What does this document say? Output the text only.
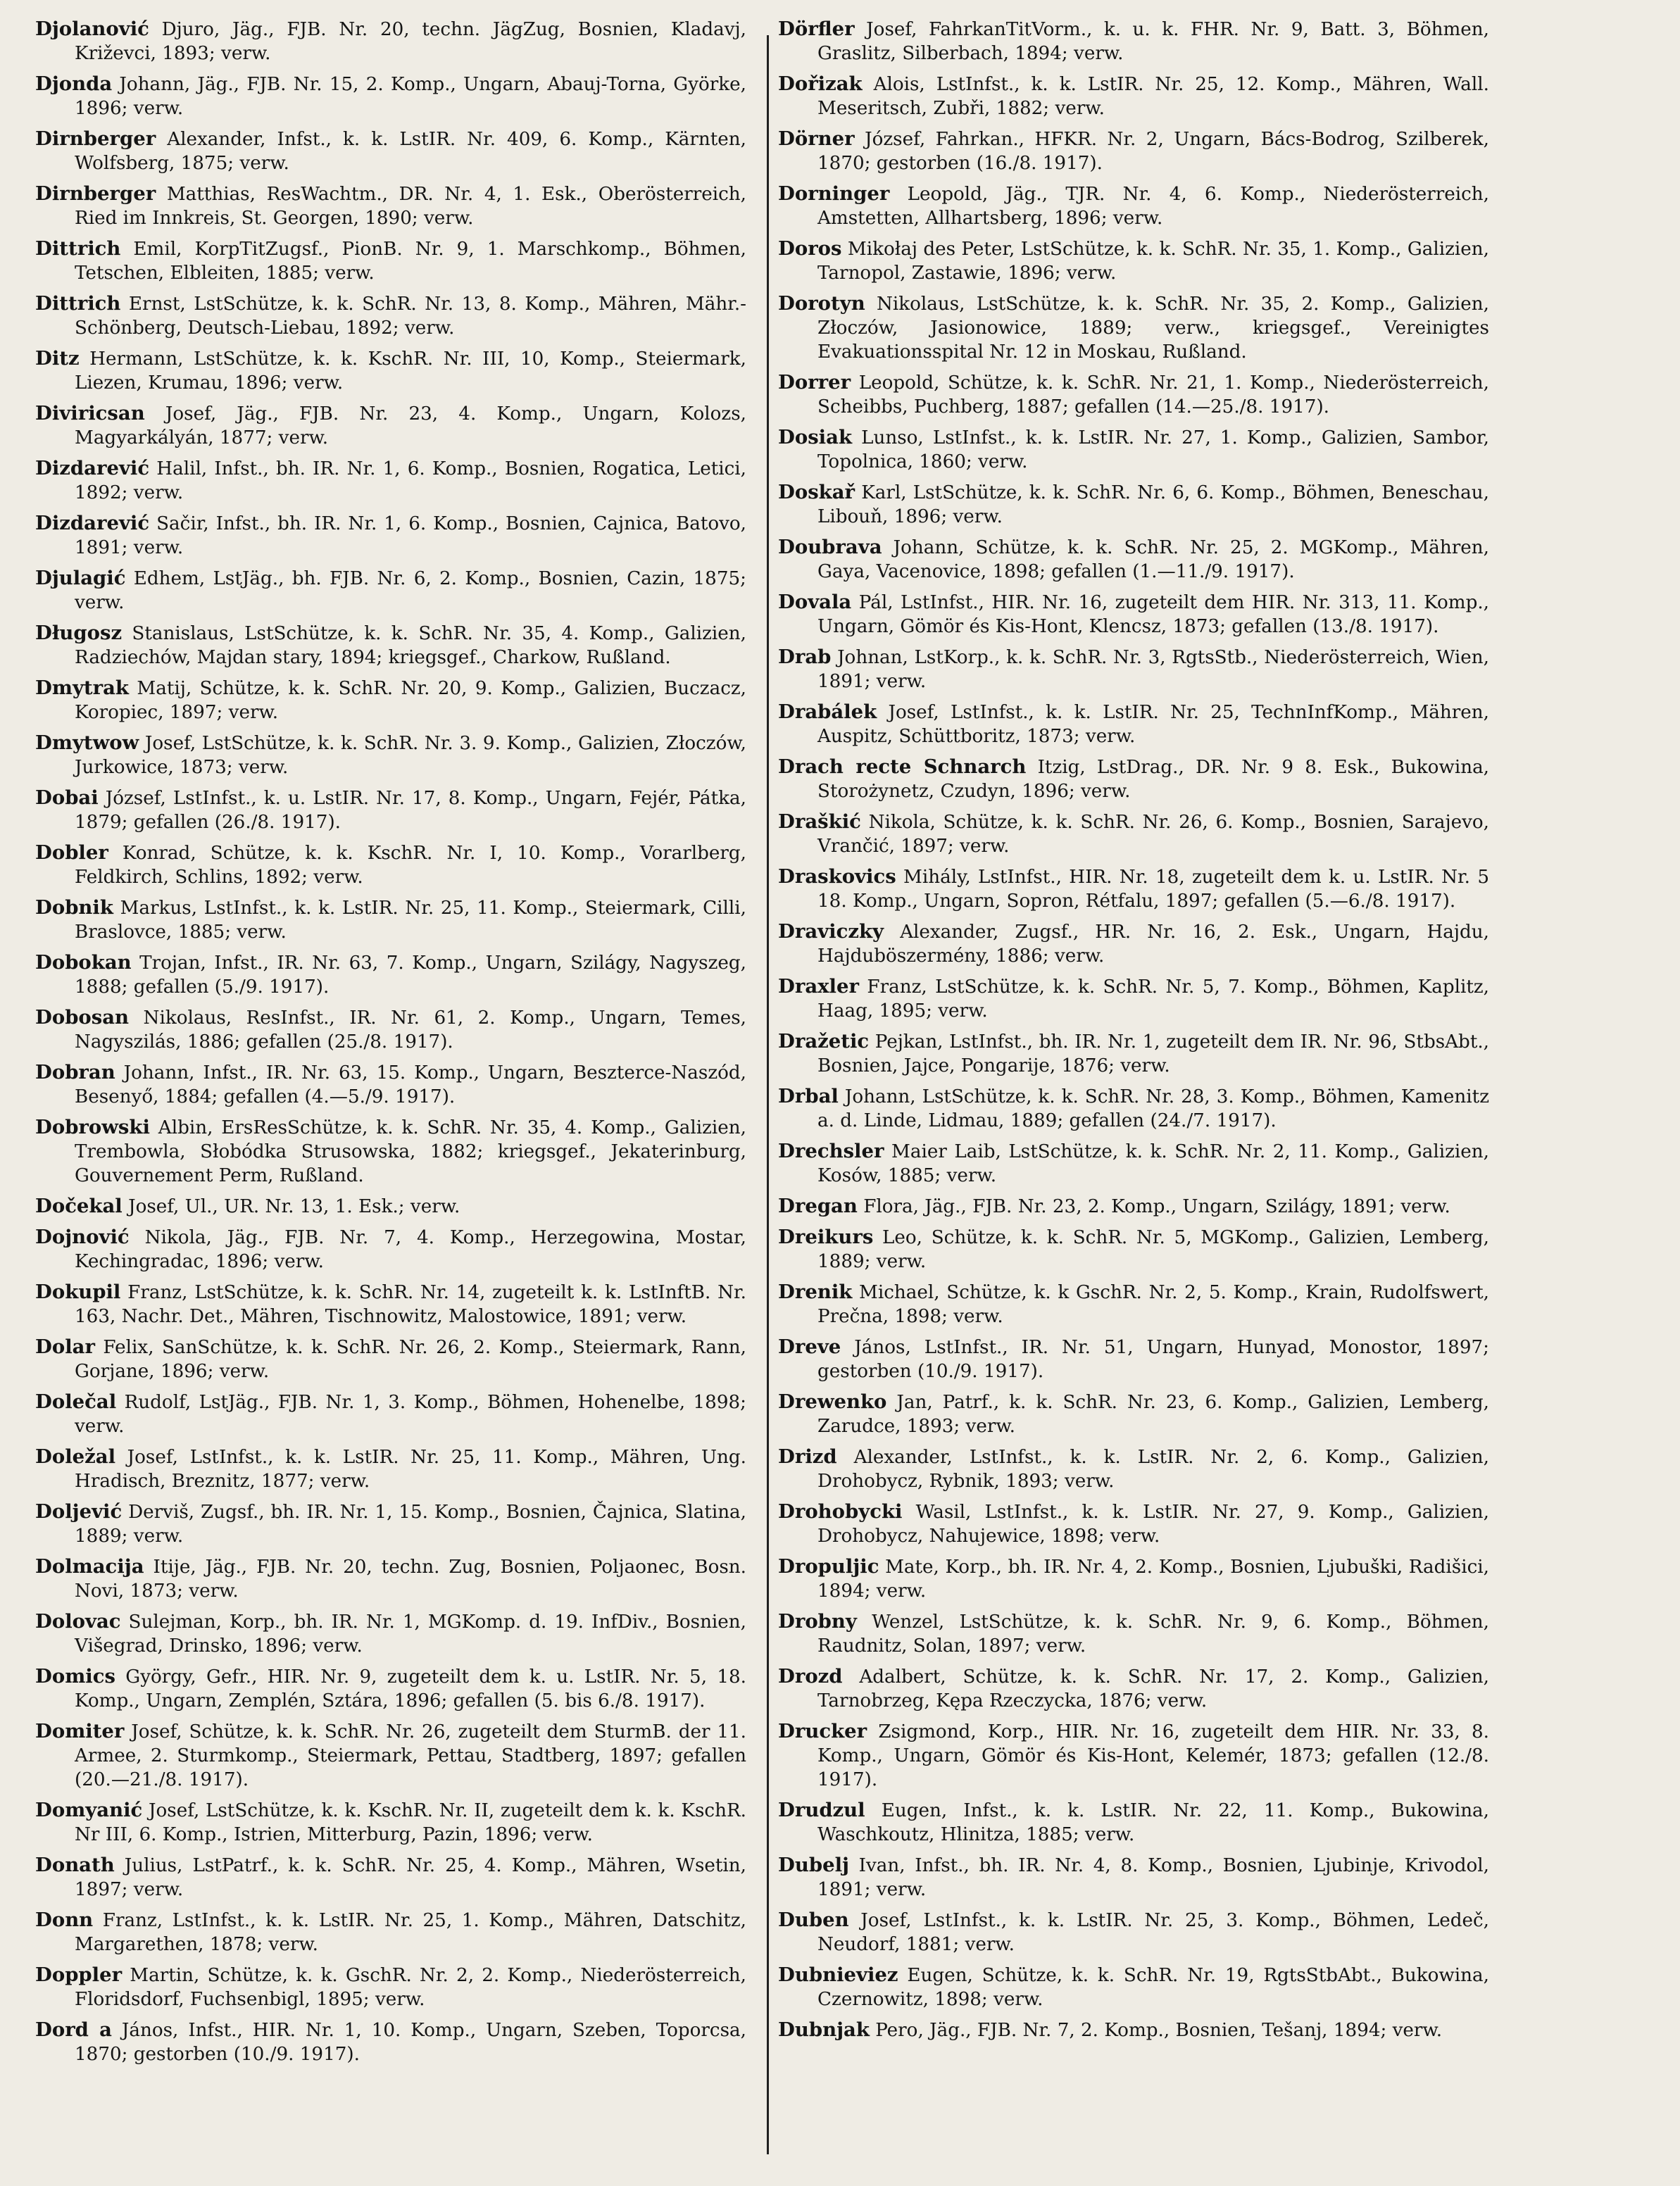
Djolanović Djuro, Jäg., FJB. Nr. 20, techn. JägZug, Bosnien, Kladavj, Križevci, 1893; verw.

Djonda Johann, Jäg., FJB. Nr. 15, 2. Komp., Ungarn, Abauj-Torna, Györke, 1896; verw.

Dirnberger Alexander, Infst., k. k. LstIR. Nr. 409, 6. Komp., Kärnten, Wolfsberg, 1875; verw.

Dirnberger Matthias, ResWachtm., DR. Nr. 4, 1. Esk., Oberösterreich, Ried im Innkreis, St. Georgen, 1890; verw.

Dittrich Emil, KorpTitZugsf., PionB. Nr. 9, 1. Marschkomp., Böhmen, Tetschen, Elbleiten, 1885; verw.

Dittrich Ernst, LstSchütze, k. k. SchR. Nr. 13, 8. Komp., Mähren, Mähr.-Schönberg, Deutsch-Liebau, 1892; verw.

Ditz Hermann, LstSchütze, k. k. KschR. Nr. III, 10, Komp., Steiermark, Liezen, Krumau, 1896; verw.

Diviricsan Josef, Jäg., FJB. Nr. 23, 4. Komp., Ungarn, Kolozs, Magyarkályán, 1877; verw.

Dizdarević Halil, Infst., bh. IR. Nr. 1, 6. Komp., Bosnien, Rogatica, Letici, 1892; verw.

Dizdarević Sačir, Infst., bh. IR. Nr. 1, 6. Komp., Bosnien, Cajnica, Batovo, 1891; verw.

Djulagić Edhem, LstJäg., bh. FJB. Nr. 6, 2. Komp., Bosnien, Cazin, 1875; verw.

Długosz Stanislaus, LstSchütze, k. k. SchR. Nr. 35, 4. Komp., Galizien, Radziechów, Majdan stary, 1894; kriegsgef., Charkow, Rußland.

Dmytrak Matij, Schütze, k. k. SchR. Nr. 20, 9. Komp., Galizien, Buczacz, Koropiec, 1897; verw.

Dmytwow Josef, LstSchütze, k. k. SchR. Nr. 3. 9. Komp., Galizien, Złoczów, Jurkowice, 1873; verw.

Dobai József, LstInfst., k. u. LstIR. Nr. 17, 8. Komp., Ungarn, Fejér, Pátka, 1879; gefallen (26./8. 1917).

Dobler Konrad, Schütze, k. k. KschR. Nr. I, 10. Komp., Vorarlberg, Feldkirch, Schlins, 1892; verw.

Dobnik Markus, LstInfst., k. k. LstIR. Nr. 25, 11. Komp., Steiermark, Cilli, Braslovce, 1885; verw.

Dobokan Trojan, Infst., IR. Nr. 63, 7. Komp., Ungarn, Szilágy, Nagyszeg, 1888; gefallen (5./9. 1917).

Dobosan Nikolaus, ResInfst., IR. Nr. 61, 2. Komp., Ungarn, Temes, Nagyszilás, 1886; gefallen (25./8. 1917).

Dobran Johann, Infst., IR. Nr. 63, 15. Komp., Ungarn, Beszterce-Naszód, Besenyő, 1884; gefallen (4.—5./9. 1917).

Dobrowski Albin, ErsResSchütze, k. k. SchR. Nr. 35, 4. Komp., Galizien, Trembowla, Słobódka Strusowska, 1882; kriegsgef., Jekaterinburg, Gouvernement Perm, Rußland.

Dočekal Josef, Ul., UR. Nr. 13, 1. Esk.; verw.

Dojnović Nikola, Jäg., FJB. Nr. 7, 4. Komp., Herzegowina, Mostar, Kechingradac, 1896; verw.

Dokupil Franz, LstSchütze, k. k. SchR. Nr. 14, zugeteilt k. k. LstInftB. Nr. 163, Nachr. Det., Mähren, Tischnowitz, Malostowice, 1891; verw.

Dolar Felix, SanSchütze, k. k. SchR. Nr. 26, 2. Komp., Steiermark, Rann, Gorjane, 1896; verw.

Dolečal Rudolf, LstJäg., FJB. Nr. 1, 3. Komp., Böhmen, Hohenelbe, 1898; verw.

Doležal Josef, LstInfst., k. k. LstIR. Nr. 25, 11. Komp., Mähren, Ung. Hradisch, Breznitz, 1877; verw.

Doljević Derviš, Zugsf., bh. IR. Nr. 1, 15. Komp., Bosnien, Čajnica, Slatina, 1889; verw.

Dolmacija Itije, Jäg., FJB. Nr. 20, techn. Zug, Bosnien, Poljaonec, Bosn. Novi, 1873; verw.

Dolovac Sulejman, Korp., bh. IR. Nr. 1, MGKomp. d. 19. InfDiv., Bosnien, Višegrad, Drinsko, 1896; verw.

Domics György, Gefr., HIR. Nr. 9, zugeteilt dem k. u. LstIR. Nr. 5, 18. Komp., Ungarn, Zemplén, Sztára, 1896; gefallen (5. bis 6./8. 1917).

Domiter Josef, Schütze, k. k. SchR. Nr. 26, zugeteilt dem SturmB. der 11. Armee, 2. Sturmkomp., Steiermark, Pettau, Stadtberg, 1897; gefallen (20.—21./8. 1917).

Domyanić Josef, LstSchütze, k. k. KschR. Nr. II, zugeteilt dem k. k. KschR. Nr III, 6. Komp., Istrien, Mitterburg, Pazin, 1896; verw.

Donath Julius, LstPatrf., k. k. SchR. Nr. 25, 4. Komp., Mähren, Wsetin, 1897; verw.

Donn Franz, LstInfst., k. k. LstIR. Nr. 25, 1. Komp., Mähren, Datschitz, Margarethen, 1878; verw.

Doppler Martin, Schütze, k. k. GschR. Nr. 2, 2. Komp., Niederösterreich, Floridsdorf, Fuchsenbigl, 1895; verw.

Dord a János, Infst., HIR. Nr. 1, 10. Komp., Ungarn, Szeben, Toporcsa, 1870; gestorben (10./9. 1917).

Dörfler Josef, FahrkanTitVorm., k. u. k. FHR. Nr. 9, Batt. 3, Böhmen, Graslitz, Silberbach, 1894; verw.

Dořizak Alois, LstInfst., k. k. LstIR. Nr. 25, 12. Komp., Mähren, Wall. Meseritsch, Zubři, 1882; verw.

Dörner József, Fahrkan., HFKR. Nr. 2, Ungarn, Bács-Bodrog, Szilberek, 1870; gestorben (16./8. 1917).

Dorninger Leopold, Jäg., TJR. Nr. 4, 6. Komp., Niederösterreich, Amstetten, Allhartsberg, 1896; verw.

Doros Mikołaj des Peter, LstSchütze, k. k. SchR. Nr. 35, 1. Komp., Galizien, Tarnopol, Zastawie, 1896; verw.

Dorotyn Nikolaus, LstSchütze, k. k. SchR. Nr. 35, 2. Komp., Galizien, Złoczów, Jasionowice, 1889; verw., kriegsgef., Vereinigtes Evakuationsspital Nr. 12 in Moskau, Rußland.

Dorrer Leopold, Schütze, k. k. SchR. Nr. 21, 1. Komp., Niederösterreich, Scheibbs, Puchberg, 1887; gefallen (14.—25./8. 1917).

Dosiak Lunso, LstInfst., k. k. LstIR. Nr. 27, 1. Komp., Galizien, Sambor, Topolnica, 1860; verw.

Doskař Karl, LstSchütze, k. k. SchR. Nr. 6, 6. Komp., Böhmen, Beneschau, Libouň, 1896; verw.

Doubrava Johann, Schütze, k. k. SchR. Nr. 25, 2. MGKomp., Mähren, Gaya, Vacenovice, 1898; gefallen (1.—11./9. 1917).

Dovala Pál, LstInfst., HIR. Nr. 16, zugeteilt dem HIR. Nr. 313, 11. Komp., Ungarn, Gömör és Kis-Hont, Klencsz, 1873; gefallen (13./8. 1917).

Drab Johnan, LstKorp., k. k. SchR. Nr. 3, RgtsStb., Niederösterreich, Wien, 1891; verw.

Drabálek Josef, LstInfst., k. k. LstIR. Nr. 25, TechnInfKomp., Mähren, Auspitz, Schüttboritz, 1873; verw.

Drach recte Schnarch Itzig, LstDrag., DR. Nr. 9 8. Esk., Bukowina, Storożynetz, Czudyn, 1896; verw.

Draškić Nikola, Schütze, k. k. SchR. Nr. 26, 6. Komp., Bosnien, Sarajevo, Vrančić, 1897; verw.

Draskovics Mihály, LstInfst., HIR. Nr. 18, zugeteilt dem k. u. LstIR. Nr. 5 18. Komp., Ungarn, Sopron, Rétfalu, 1897; gefallen (5.—6./8. 1917).

Draviczky Alexander, Zugsf., HR. Nr. 16, 2. Esk., Ungarn, Hajdu, Hajduböszermény, 1886; verw.

Draxler Franz, LstSchütze, k. k. SchR. Nr. 5, 7. Komp., Böhmen, Kaplitz, Haag, 1895; verw.

Dražetic Pejkan, LstInfst., bh. IR. Nr. 1, zugeteilt dem IR. Nr. 96, StbsAbt., Bosnien, Jajce, Pongarije, 1876; verw.

Drbal Johann, LstSchütze, k. k. SchR. Nr. 28, 3. Komp., Böhmen, Kamenitz a. d. Linde, Lidmau, 1889; gefallen (24./7. 1917).

Drechsler Maier Laib, LstSchütze, k. k. SchR. Nr. 2, 11. Komp., Galizien, Kosów, 1885; verw.

Dregan Flora, Jäg., FJB. Nr. 23, 2. Komp., Ungarn, Szilágy, 1891; verw.

Dreikurs Leo, Schütze, k. k. SchR. Nr. 5, MGKomp., Galizien, Lemberg, 1889; verw.

Drenik Michael, Schütze, k. k GschR. Nr. 2, 5. Komp., Krain, Rudolfswert, Prečna, 1898; verw.

Dreve János, LstInfst., IR. Nr. 51, Ungarn, Hunyad, Monostor, 1897; gestorben (10./9. 1917).

Drewenko Jan, Patrf., k. k. SchR. Nr. 23, 6. Komp., Galizien, Lemberg, Zarudce, 1893; verw.

Drizd Alexander, LstInfst., k. k. LstIR. Nr. 2, 6. Komp., Galizien, Drohobycz, Rybnik, 1893; verw.

Drohobycki Wasil, LstInfst., k. k. LstIR. Nr. 27, 9. Komp., Galizien, Drohobycz, Nahujewice, 1898; verw.

Dropuljic Mate, Korp., bh. IR. Nr. 4, 2. Komp., Bosnien, Ljubuški, Radišici, 1894; verw.

Drobny Wenzel, LstSchütze, k. k. SchR. Nr. 9, 6. Komp., Böhmen, Raudnitz, Solan, 1897; verw.

Drozd Adalbert, Schütze, k. k. SchR. Nr. 17, 2. Komp., Galizien, Tarnobrzeg, Kępa Rzeczycka, 1876; verw.

Drucker Zsigmond, Korp., HIR. Nr. 16, zugeteilt dem HIR. Nr. 33, 8. Komp., Ungarn, Gömör és Kis-Hont, Kelemér, 1873; gefallen (12./8. 1917).

Drudzul Eugen, Infst., k. k. LstIR. Nr. 22, 11. Komp., Bukowina, Waschkoutz, Hlinitza, 1885; verw.

Dubelj Ivan, Infst., bh. IR. Nr. 4, 8. Komp., Bosnien, Ljubinje, Krivodol, 1891; verw.

Duben Josef, LstInfst., k. k. LstIR. Nr. 25, 3. Komp., Böhmen, Ledeč, Neudorf, 1881; verw.

Dubnieviez Eugen, Schütze, k. k. SchR. Nr. 19, RgtsStbAbt., Bukowina, Czernowitz, 1898; verw.

Dubnjak Pero, Jäg., FJB. Nr. 7, 2. Komp., Bosnien, Tešanj, 1894; verw.
